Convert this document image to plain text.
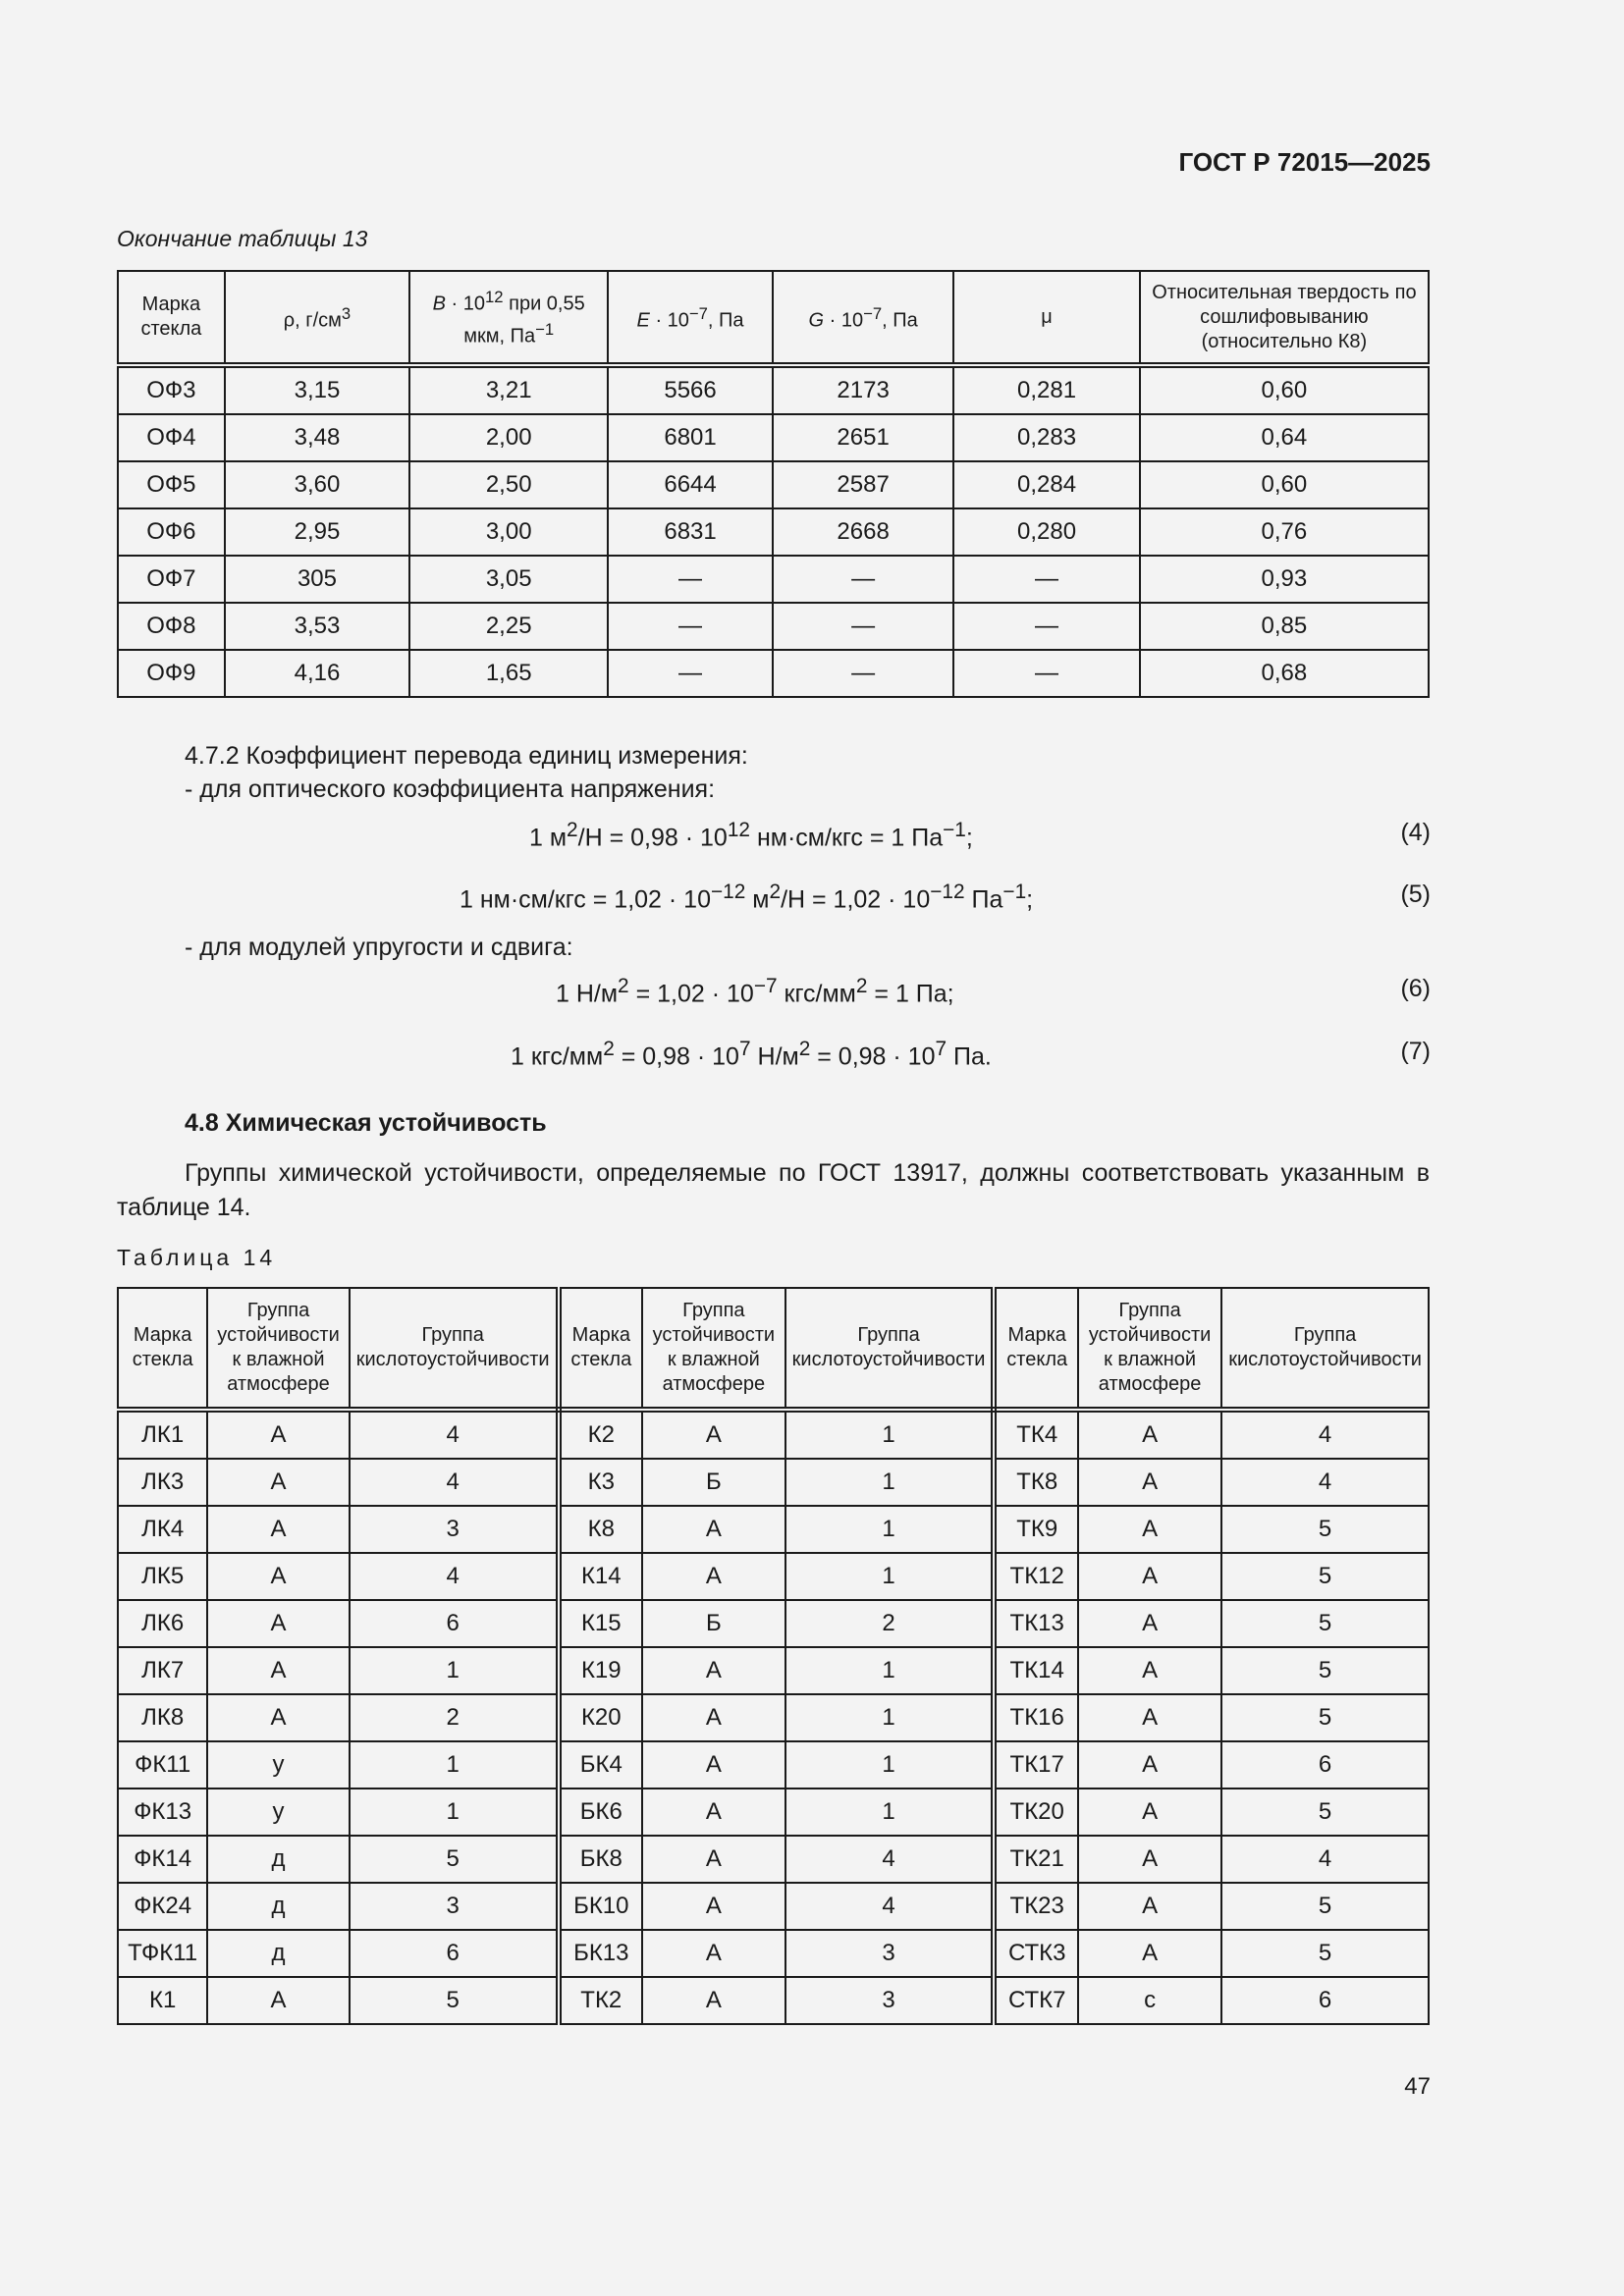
ГОСТ Р 72015—2025
Окончание таблицы 13
Марка стекла	ρ, $г/см^3$	$B \cdot 10^{12}$ при 0,55 мкм, $Па^{-1}$	$E \cdot 10^{-7}$, Па	$G \cdot 10^{-7}$, Па	μ	Относительная твердость по сошлифовыванию (относительно К8)
ОФ3	3,15	3,21	5566	2173	0,281	0,60
ОФ4	3,48	2,00	6801	2651	0,283	0,64
ОФ5	3,60	2,50	6644	2587	0,284	0,60
ОФ6	2,95	3,00	6831	2668	0,280	0,76
ОФ7	305	3,05	—	—	—	0,93
ОФ8	3,53	2,25	—	—	—	0,85
ОФ9	4,16	1,65	—	—	—	0,68
4.7.2 Коэффициент перевода единиц измерения:
- для оптического коэффициента напряжения:
1 $м^2/Н = 0,98 \cdot 10^{12}$ нм·см/кгс = 1 $Па^{-1}$;	(4)
1 $нм\cdot см/кгс = 1,02 \cdot 10^{-12}$ $м^2/Н = 1,02 \cdot 10^{-12}$ $Па^{-1}$;	(5)
- для модулей упругости и сдвига:
1 $Н/м^2 = 1,02 \cdot 10^{-7}$ кгс/$мм^2 = 1$ Па;	(6)
1 кгс/$мм^2 = 0,98 \cdot 10^7$ $Н/м^2 = 0,98 \cdot 10^7$ Па.	(7)
4.8 Химическая устойчивость
Группы химической устойчивости, определяемые по ГОСТ 13917, должны соответствовать указанным в таблице 14.
Таблица 14
Марка стекла	Группа устойчивости к влажной атмосфере	Группа кислотоустойчивости	Марка стекла	Группа устойчивости к влажной атмосфере	Группа кислотоустойчивости	Марка стекла	Группа устойчивости к влажной атмосфере	Группа кислотоустойчивости
ЛК1	А	4	К2	А	1	ТК4	А	4
ЛК3	А	4	К3	Б	1	ТК8	А	4
ЛК4	А	3	К8	А	1	ТК9	А	5
ЛК5	А	4	К14	А	1	ТК12	А	5
ЛК6	А	6	К15	Б	2	ТК13	А	5
ЛК7	А	1	К19	А	1	ТК14	А	5
ЛК8	А	2	К20	А	1	ТК16	А	5
ФК11	у	1	БК4	А	1	ТК17	А	6
ФК13	у	1	БК6	А	1	ТК20	А	5
ФК14	д	5	БК8	А	4	ТК21	А	4
ФК24	д	3	БК10	А	4	ТК23	А	5
ТФК11	д	6	БК13	А	3	СТК3	А	5
К1	А	5	ТК2	А	3	СТК7	с	6
47
